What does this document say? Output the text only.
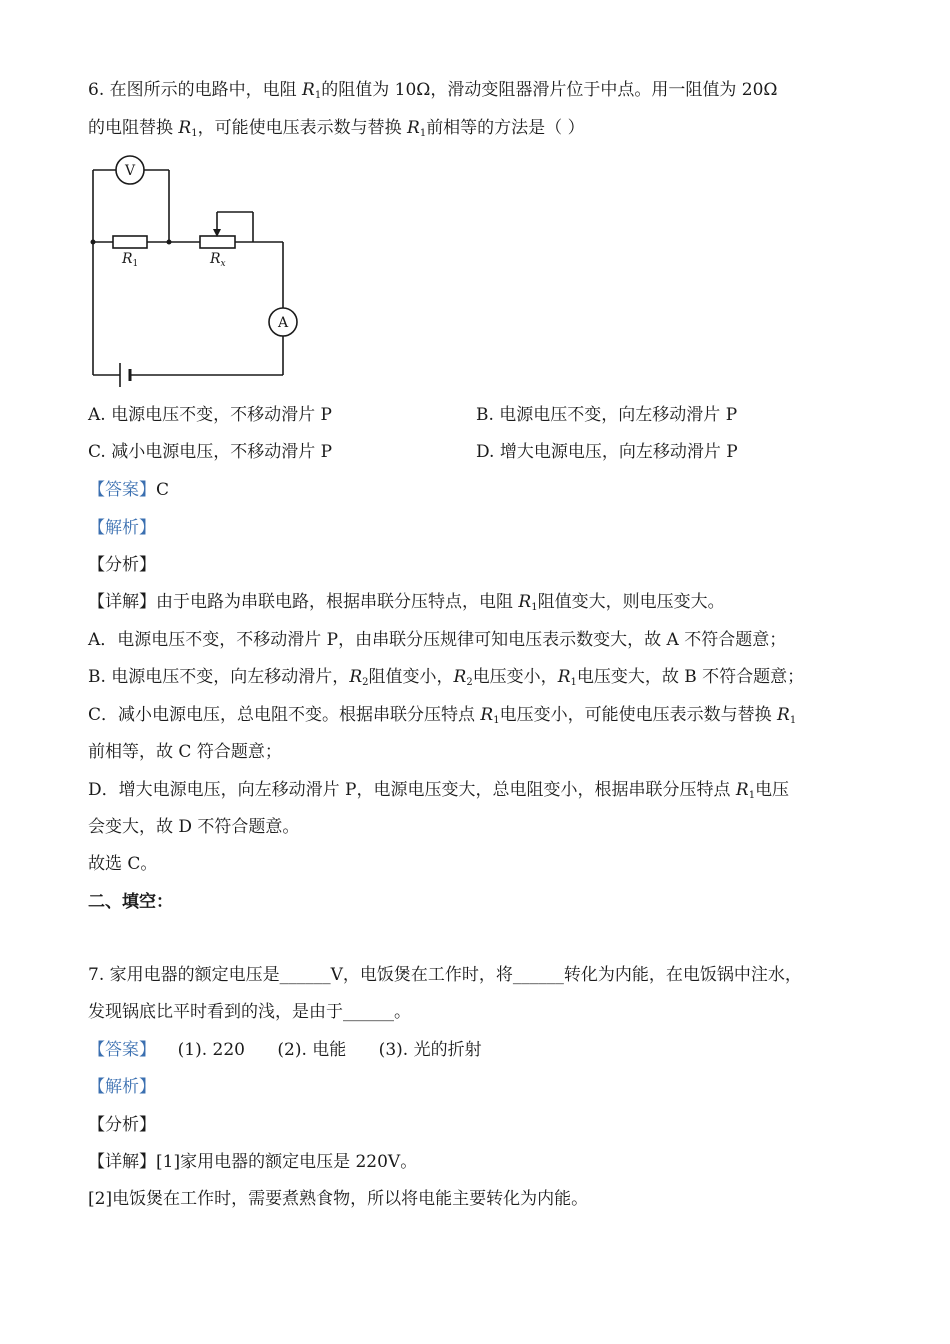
6. 在图所示的电路中，电阻 $R_1$的阻值为 10Ω，滑动变阻器滑片位于中点。用一阻值为 20Ω
的电阻替换 $R_1$，可能使电压表示数与替换 $R_1$前相等的方法是（ ）
V
A
$R_1$	$R_x$
A. 电源电压不变，不移动滑片 P	B. 电源电压不变，向左移动滑片 P
C. 减小电源电压，不移动滑片 P	D. 增大电源电压，向左移动滑片 P
【答案】C
【解析】
【分析】
【详解】由于电路为串联电路，根据串联分压特点，电阻 $R_1$阻值变大，则电压变大。
A．电源电压不变，不移动滑片 P，由串联分压规律可知电压表示数变大，故 A 不符合题意；
B. 电源电压不变，向左移动滑片，$R_2$阻值变小，$R_2$电压变小，$R_1$电压变大，故 B 不符合题意；
C．减小电源电压，总电阻不变。根据串联分压特点 $R_1$电压变小，可能使电压表示数与替换 $R_1$
前相等，故 C 符合题意；
D．增大电源电压，向左移动滑片 P，电源电压变大，总电阻变小，根据串联分压特点 $R_1$电压
会变大，故 D 不符合题意。
故选 C。
二、填空：
7. 家用电器的额定电压是______V，电饭煲在工作时，将______转化为内能，在电饭锅中注水，
发现锅底比平时看到的浅，是由于______。
【答案】    (1). 220      (2). 电能      (3). 光的折射
【解析】
【分析】
【详解】[1]家用电器的额定电压是 220V。
[2]电饭煲在工作时，需要煮熟食物，所以将电能主要转化为内能。
